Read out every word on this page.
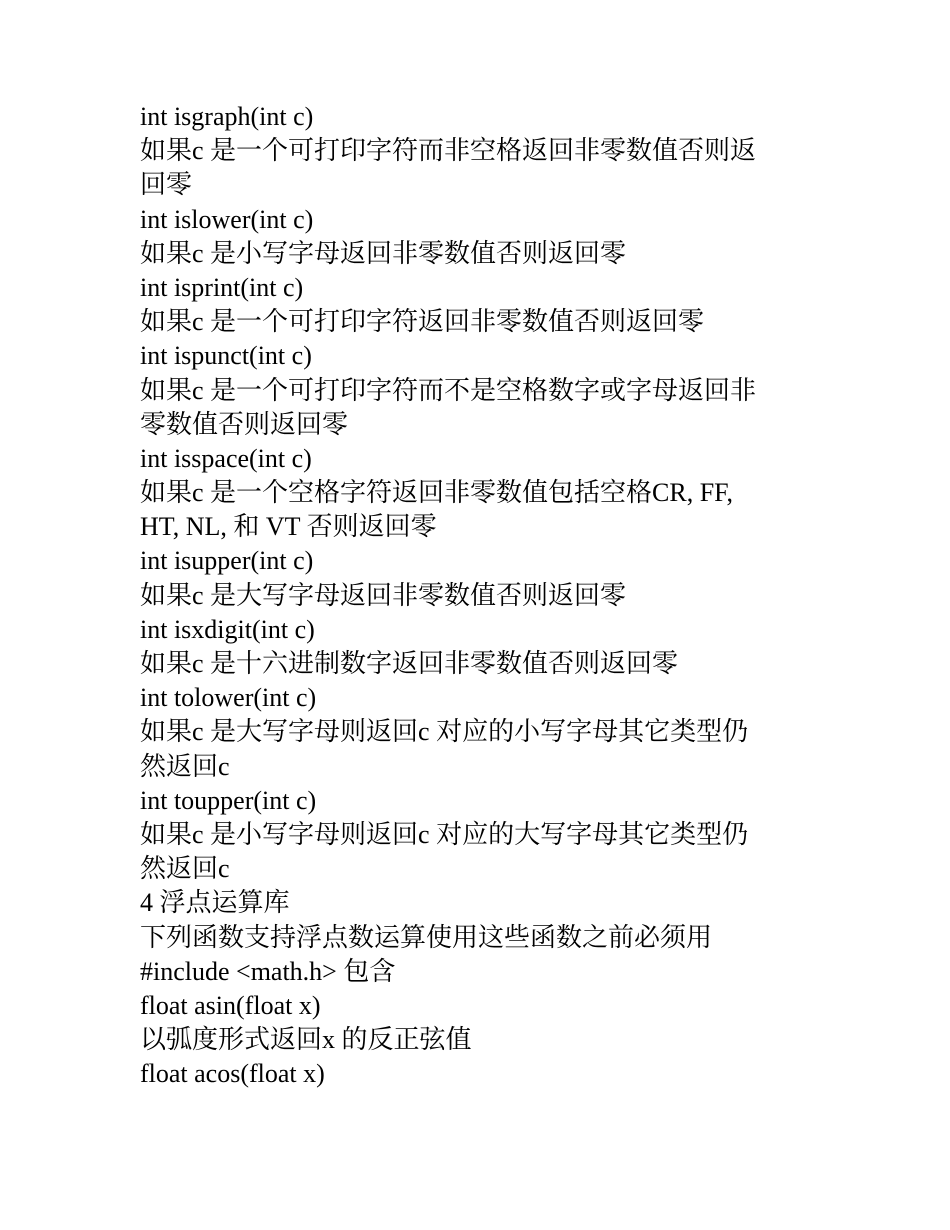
int isgraph(int c)
如果c 是一个可打印字符而非空格返回非零数值否则返
回零
int islower(int c)
如果c 是小写字母返回非零数值否则返回零
int isprint(int c)
如果c 是一个可打印字符返回非零数值否则返回零
int ispunct(int c)
如果c 是一个可打印字符而不是空格数字或字母返回非
零数值否则返回零
int isspace(int c)
如果c 是一个空格字符返回非零数值包括空格CR, FF,
HT, NL, 和 VT 否则返回零
int isupper(int c)
如果c 是大写字母返回非零数值否则返回零
int isxdigit(int c)
如果c 是十六进制数字返回非零数值否则返回零
int tolower(int c)
如果c 是大写字母则返回c 对应的小写字母其它类型仍
然返回c
int toupper(int c)
如果c 是小写字母则返回c 对应的大写字母其它类型仍
然返回c
4 浮点运算库
下列函数支持浮点数运算使用这些函数之前必须用
#include <math.h> 包含
float asin(float x)
以弧度形式返回x 的反正弦值
float acos(float x)
